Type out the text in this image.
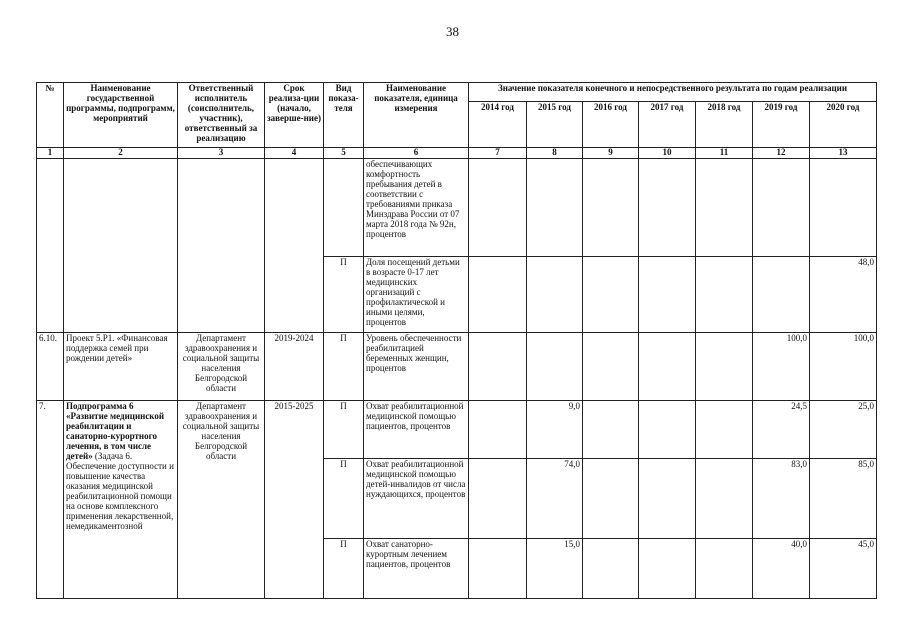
38
№	Наименование государственной программы, подпрограмм, мероприятий	Ответственный исполнитель (соисполнитель, участник), ответственный за реализацию	Срок реализа-ции (начало, заверше-ние)	Вид показа-теля	Наименование показателя, единица измерения	Значение показателя конечного и непосредственного результата по годам реализации						
						2014 год	2015 год	2016 год	2017 год	2018 год	2019 год	2020 год
1	2	3	4	5	6	7	8	9	10	11	12	13
					обеспечивающих комфортность пребывания детей в соответствии с требованиями приказа Минздрава России от 07 марта 2018 года № 92н, процентов							
				П	Доля посещений детьми в возрасте 0-17 лет медицинских организаций с профилактической и иными целями, процентов							48,0
6.10.	Проект 5.Р1. «Финансовая поддержка семей при рождении детей»	Департамент здравоохранения и социальной защиты населения Белгородской области	2019-2024	П	Уровень обеспеченности реабилитацией беременных женщин, процентов						100,0	100,0
7.	Подпрограмма 6 «Развитие медицинской реабилитации и санаторно-курортного лечения, в том числе детей» (Задача 6. Обеспечение доступности и повышение качества оказания медицинской реабилитационной помощи на основе комплексного применения лекарственной, немедикаментозной	Департамент здравоохранения и социальной защиты населения Белгородской области	2015-2025	П	Охват реабилитационной медицинской помощью пациентов, процентов		9,0				24,5	25,0
				П	Охват реабилитационной медицинской помощью детей-инвалидов от числа нуждающихся, процентов		74,0				83,0	85,0
				П	Охват санаторно-курортным лечением пациентов, процентов		15,0				40,0	45,0
